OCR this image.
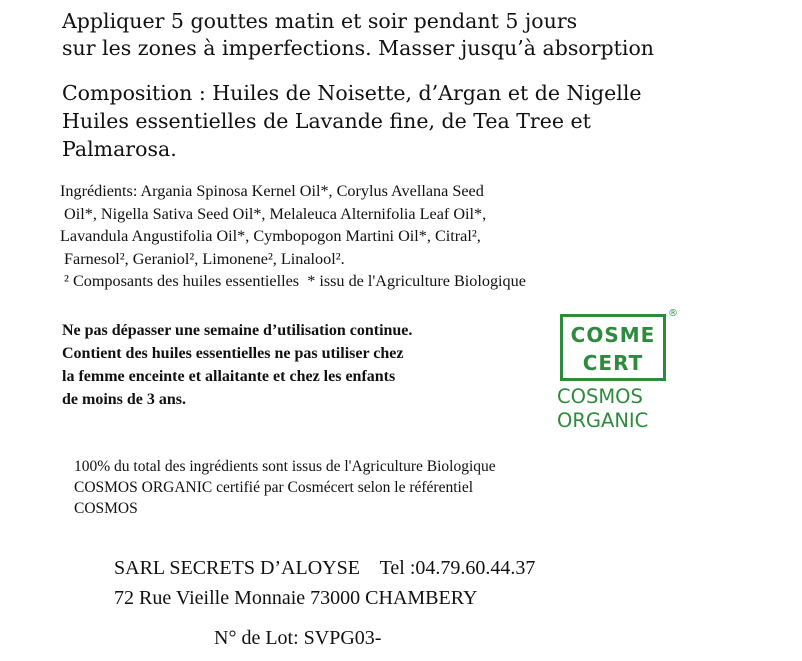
Appliquer 5 gouttes matin et soir pendant 5 jours
sur les zones à imperfections. Masser jusqu’à absorption
Composition : Huiles de Noisette, d’Argan et de Nigelle
Huiles essentielles de Lavande fine, de Tea Tree et
Palmarosa.
Ingrédients: Argania Spinosa Kernel Oil*, Corylus Avellana Seed
Oil*, Nigella Sativa Seed Oil*, Melaleuca Alternifolia Leaf Oil*,
Lavandula Angustifolia Oil*, Cymbopogon Martini Oil*, Citral²,
Farnesol², Geraniol², Limonene², Linalool².
² Composants des huiles essentielles  * issu de l'Agriculture Biologique
Ne pas dépasser une semaine d’utilisation continue.
Contient des huiles essentielles ne pas utiliser chez
la femme enceinte et allaitante et chez les enfants
de moins de 3 ans.
COSME
CERT
®
COSMOS
ORGANIC
100% du total des ingrédients sont issus de l'Agriculture Biologique
COSMOS ORGANIC certifié par Cosmécert selon le référentiel
COSMOS
SARL SECRETS D’ALOYSE    Tel :04.79.60.44.37
72 Rue Vieille Monnaie 73000 CHAMBERY
N° de Lot: SVPG03-
